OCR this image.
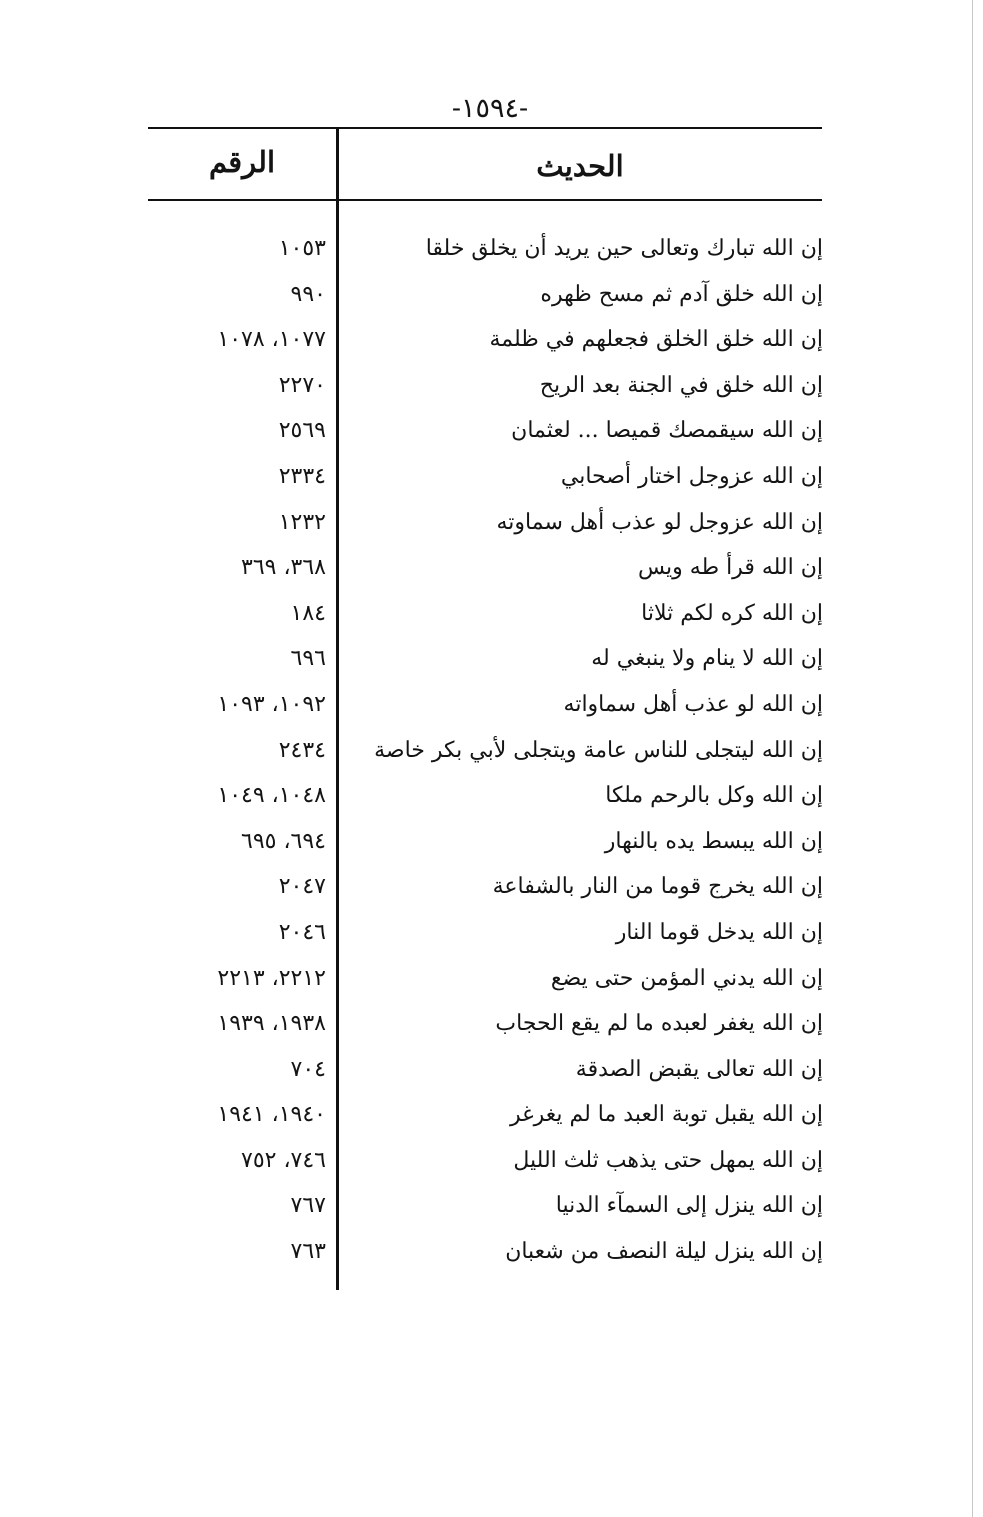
-١٥٩٤-
الحديث
الرقم
إن الله تبارك وتعالى حين يريد أن يخلق خلقا
١٠٥٣
إن الله خلق آدم ثم مسح ظهره
٩٩٠
إن الله خلق الخلق فجعلهم في ظلمة
١٠٧٧، ١٠٧٨
إن الله خلق في الجنة بعد الريح
٢٢٧٠
إن الله سيقمصك قميصا ... لعثمان
٢٥٦٩
إن الله عزوجل اختار أصحابي
٢٣٣٤
إن الله عزوجل لو عذب أهل سماوته
١٢٣٢
إن الله قرأ طه ويس
٣٦٨، ٣٦٩
إن الله كره لكم ثلاثا
١٨٤
إن الله لا ينام ولا ينبغي له
٦٩٦
إن الله لو عذب أهل سماواته
١٠٩٢، ١٠٩٣
إن الله ليتجلى للناس عامة ويتجلى لأبي بكر خاصة
٢٤٣٤
إن الله وكل بالرحم ملكا
١٠٤٨، ١٠٤٩
إن الله يبسط يده بالنهار
٦٩٤، ٦٩٥
إن الله يخرج قوما من النار بالشفاعة
٢٠٤٧
إن الله يدخل قوما النار
٢٠٤٦
إن الله يدني المؤمن حتى يضع
٢٢١٢، ٢٢١٣
إن الله يغفر لعبده ما لم يقع الحجاب
١٩٣٨، ١٩٣٩
إن الله تعالى يقبض الصدقة
٧٠٤
إن الله يقبل توبة العبد ما لم يغرغر
١٩٤٠، ١٩٤١
إن الله يمهل حتى يذهب ثلث الليل
٧٤٦، ٧٥٢
إن الله ينزل إلى السمآء الدنيا
٧٦٧
إن الله ينزل ليلة النصف من شعبان
٧٦٣
